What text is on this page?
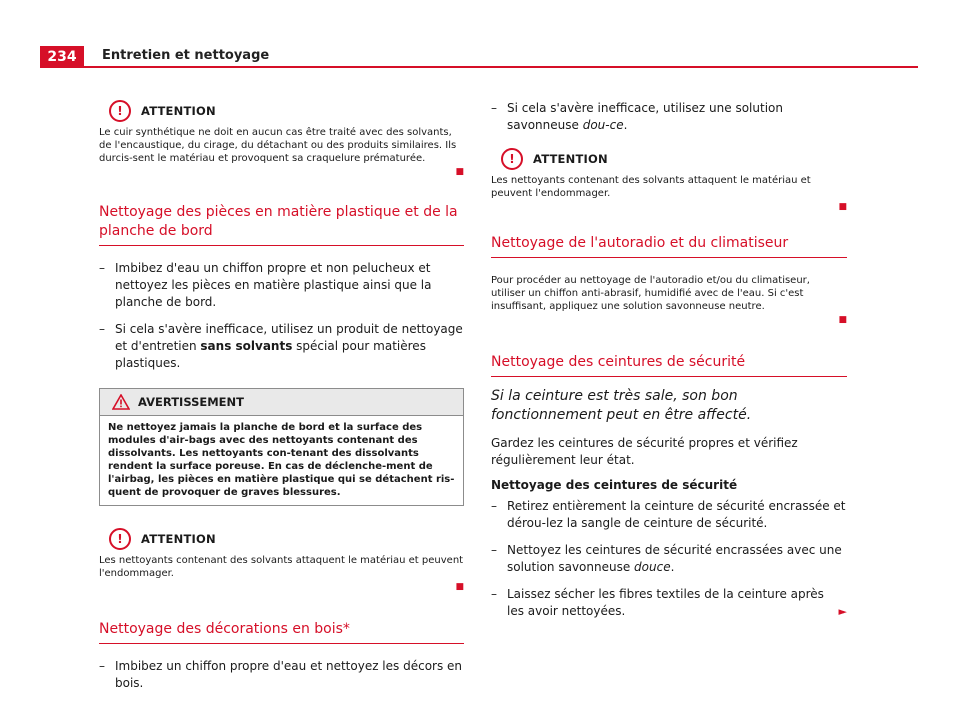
234	Entretien et nettoyage
!	ATTENTION
Le cuir synthétique ne doit en aucun cas être traité avec des solvants, de l'encaustique, du cirage, du détachant ou des produits similaires. Ils durcis-sent le matériau et provoquent sa craquelure prématurée.
■
Nettoyage des pièces en matière plastique et de la planche de bord
– Imbibez d'eau un chiffon propre et non pelucheux et nettoyez les pièces en matière plastique ainsi que la planche de bord.
– Si cela s'avère inefficace, utilisez un produit de nettoyage et d'entretien sans solvants spécial pour matières plastiques.
AVERTISSEMENT
Ne nettoyez jamais la planche de bord et la surface des modules d'air-bags avec des nettoyants contenant des dissolvants. Les nettoyants con-tenant des dissolvants rendent la surface poreuse. En cas de déclenche-ment de l'airbag, les pièces en matière plastique qui se détachent ris-quent de provoquer de graves blessures.
!	ATTENTION
Les nettoyants contenant des solvants attaquent le matériau et peuvent l'endommager.
■
Nettoyage des décorations en bois*
– Imbibez un chiffon propre d'eau et nettoyez les décors en bois.
– Si cela s'avère inefficace, utilisez une solution savonneuse dou-ce.
!	ATTENTION
Les nettoyants contenant des solvants attaquent le matériau et peuvent l'endommager.
■
Nettoyage de l'autoradio et du climatiseur
Pour procéder au nettoyage de l'autoradio et/ou du climatiseur, utiliser un chiffon anti-abrasif, humidifié avec de l'eau. Si c'est insuffisant, appliquez une solution savonneuse neutre.
■
Nettoyage des ceintures de sécurité
Si la ceinture est très sale, son bon fonctionnement peut en être affecté.
Gardez les ceintures de sécurité propres et vérifiez régulièrement leur état.
Nettoyage des ceintures de sécurité
– Retirez entièrement la ceinture de sécurité encrassée et dérou-lez la sangle de ceinture de sécurité.
– Nettoyez les ceintures de sécurité encrassées avec une solution savonneuse douce.
– Laissez sécher les fibres textiles de la ceinture après les avoir nettoyées.	►
